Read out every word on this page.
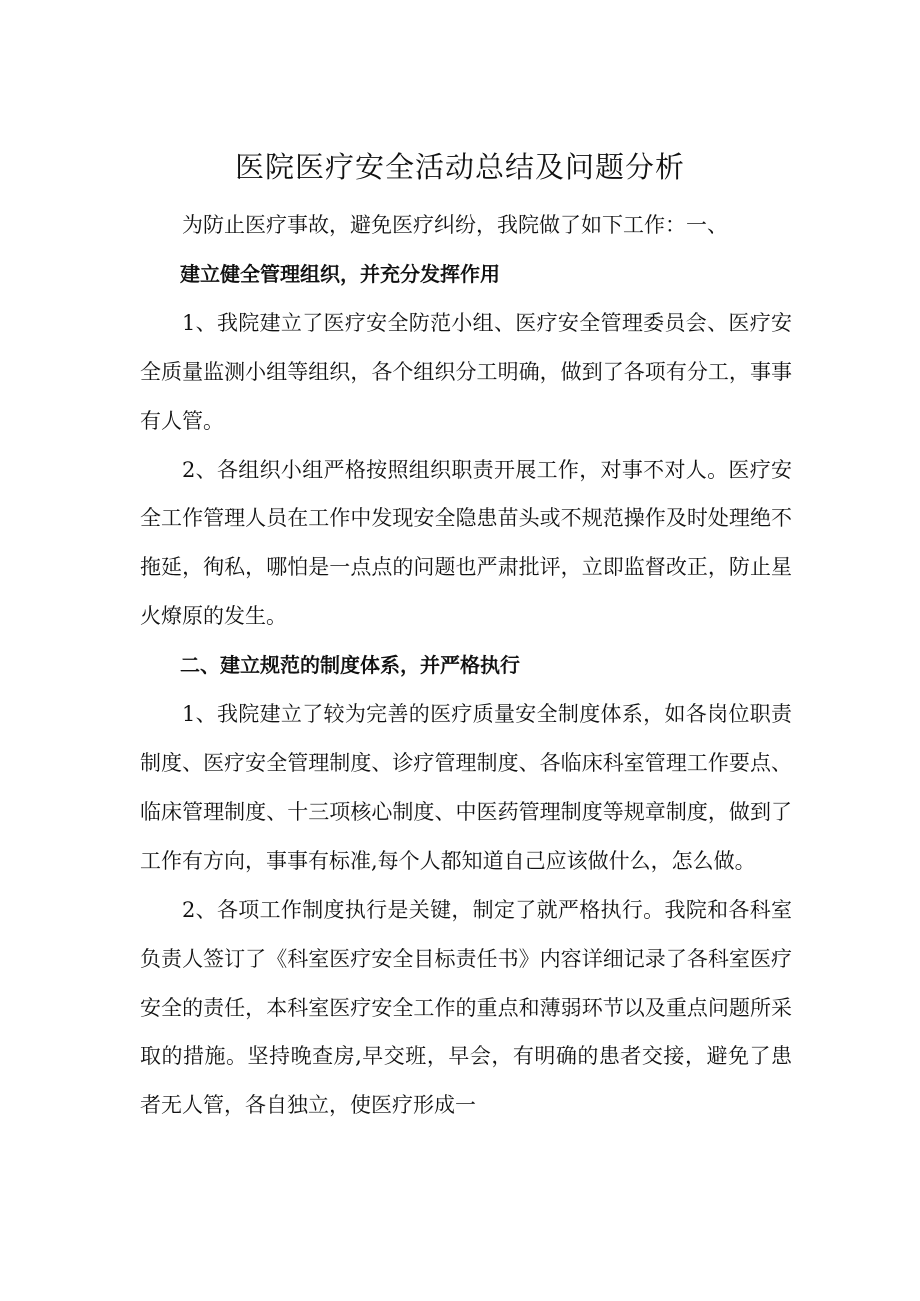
医院医疗安全活动总结及问题分析

为防止医疗事故，避免医疗纠纷，我院做了如下工作：一、

建立健全管理组织，并充分发挥作用

1、我院建立了医疗安全防范小组、医疗安全管理委员会、医疗安全质量监测小组等组织，各个组织分工明确，做到了各项有分工，事事有人管。

2、各组织小组严格按照组织职责开展工作，对事不对人。医疗安全工作管理人员在工作中发现安全隐患苗头或不规范操作及时处理绝不拖延，徇私，哪怕是一点点的问题也严肃批评，立即监督改正，防止星火燎原的发生。

二、建立规范的制度体系，并严格执行

1、我院建立了较为完善的医疗质量安全制度体系，如各岗位职责制度、医疗安全管理制度、诊疗管理制度、各临床科室管理工作要点、临床管理制度、十三项核心制度、中医药管理制度等规章制度，做到了工作有方向，事事有标准,每个人都知道自己应该做什么，怎么做。

2、各项工作制度执行是关键，制定了就严格执行。我院和各科室负责人签订了《科室医疗安全目标责任书》内容详细记录了各科室医疗安全的责任，本科室医疗安全工作的重点和薄弱环节以及重点问题所采取的措施。坚持晚查房,早交班，早会，有明确的患者交接，避免了患者无人管，各自独立，使医疗形成一
